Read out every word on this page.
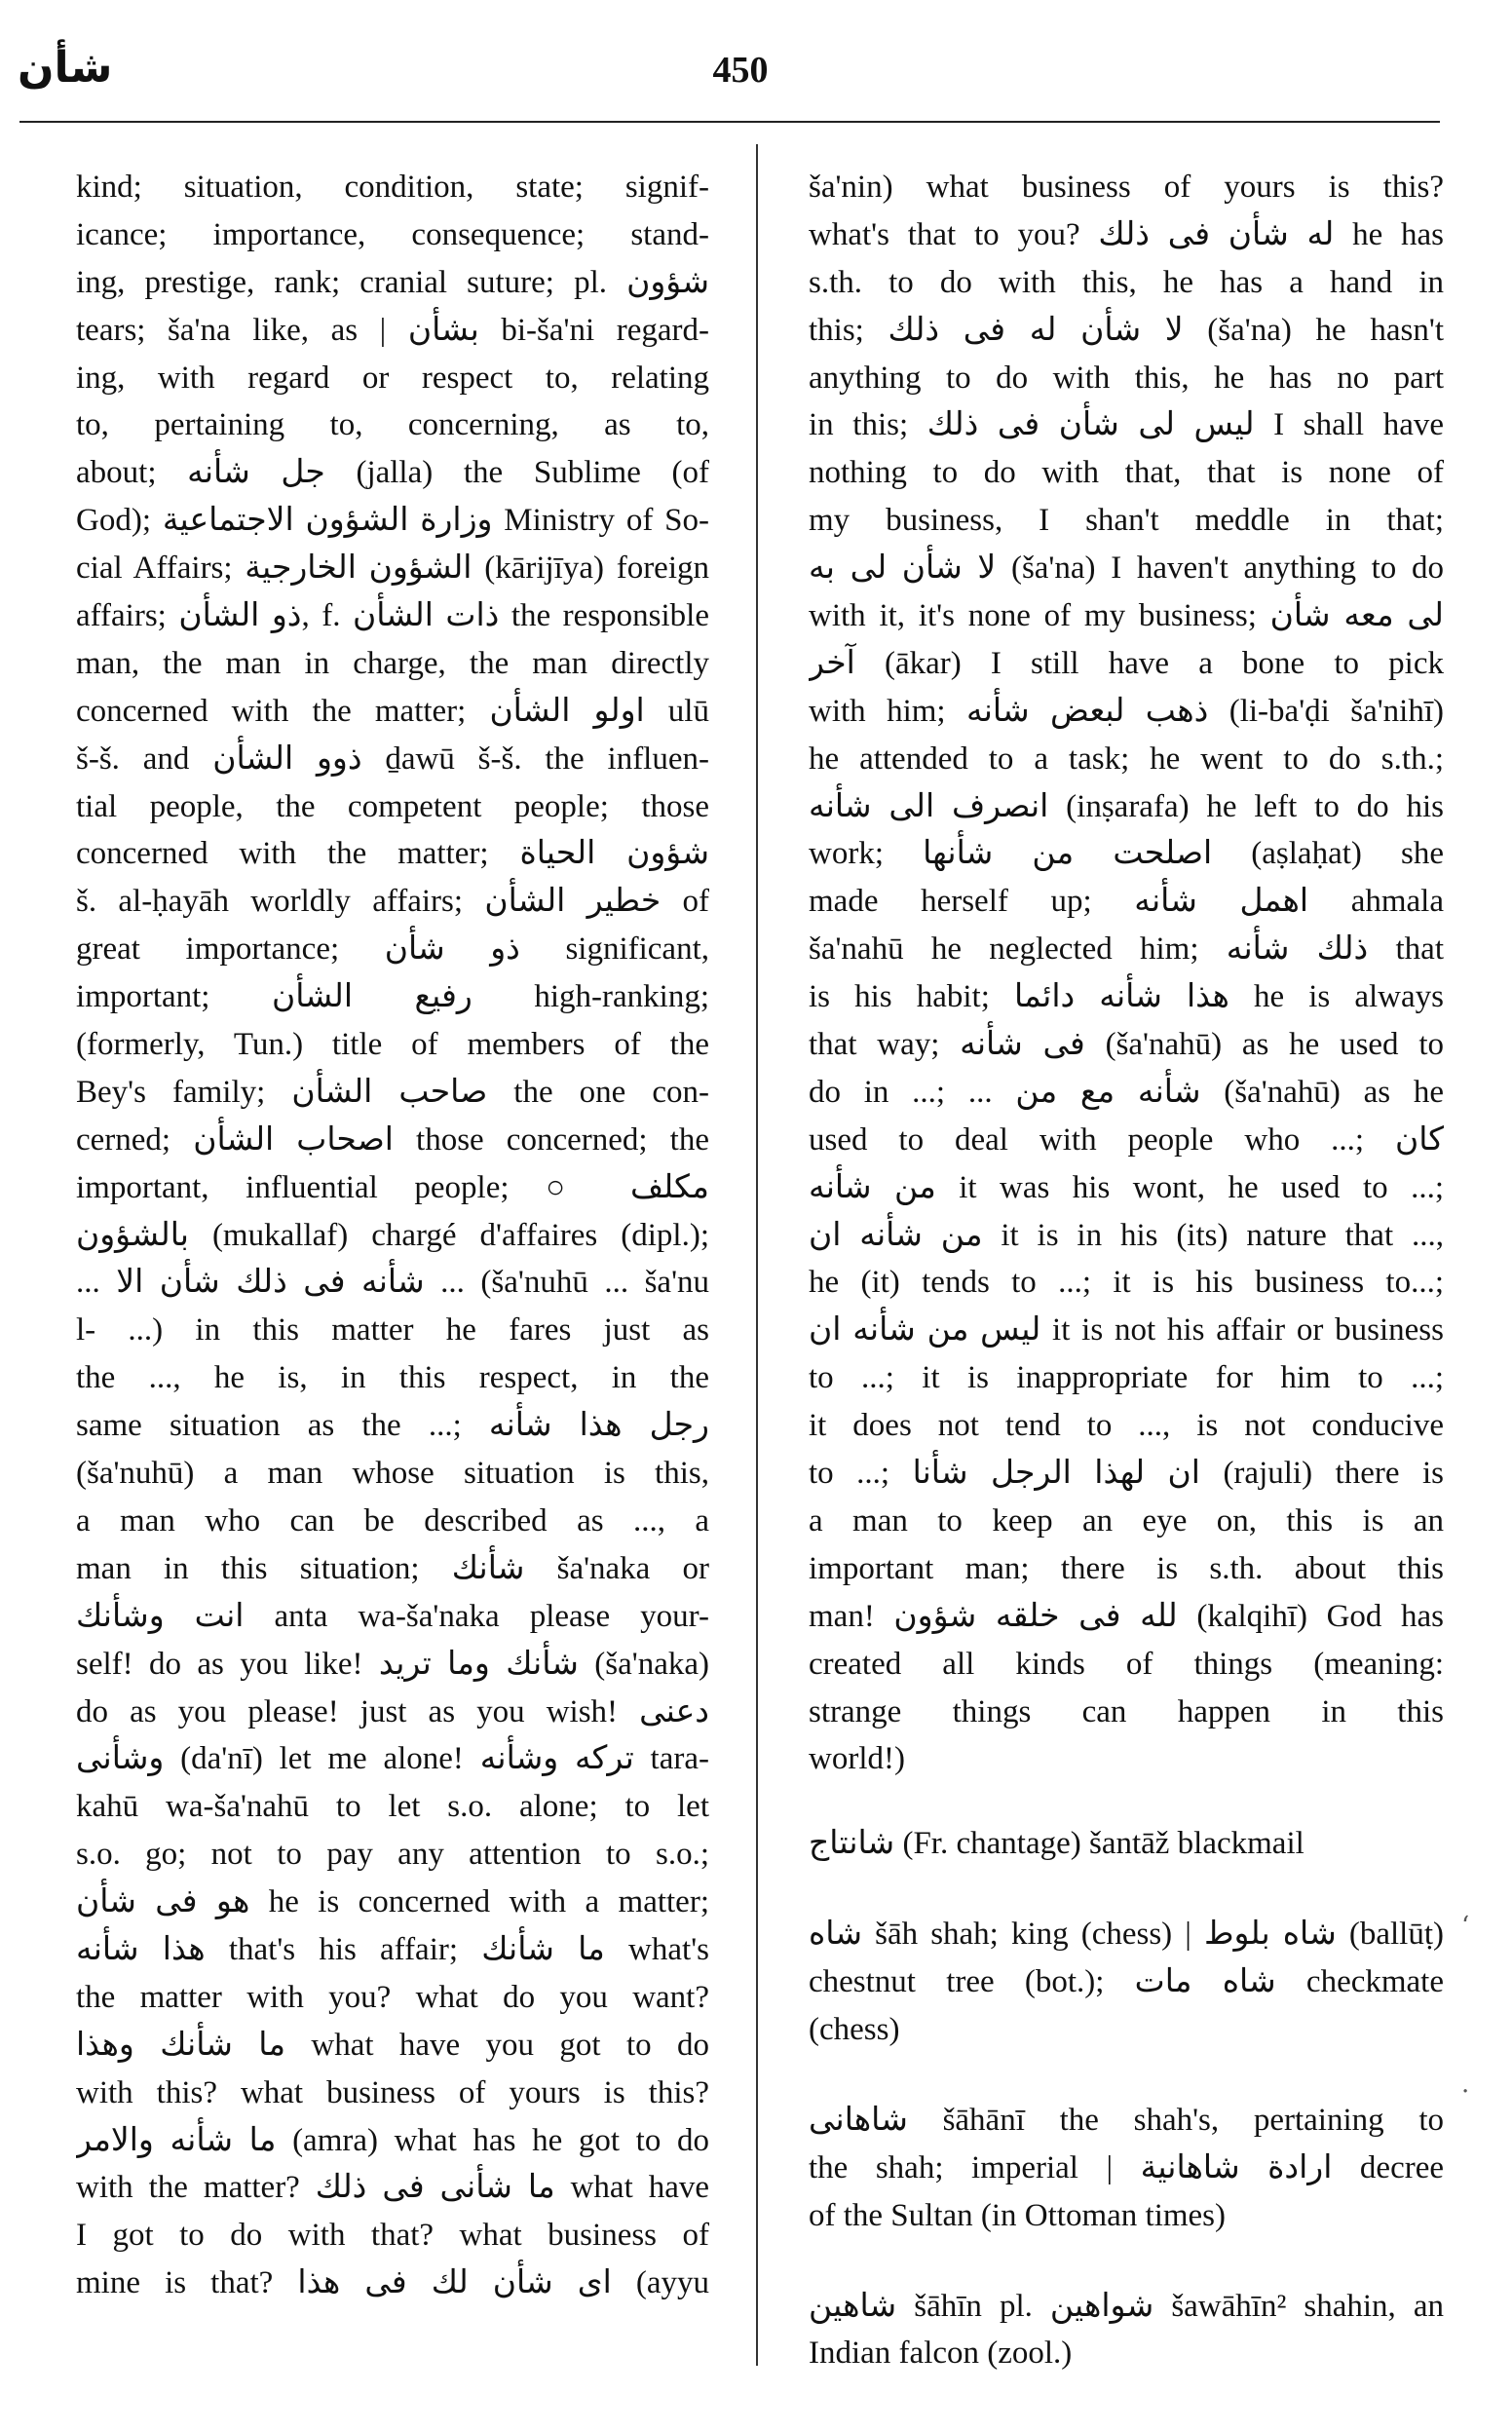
شأن	450
kind; situation, condition, state; signif-
icance; importance, consequence; stand-
ing, prestige, rank; cranial suture; pl. شؤون
tears; ša'na like, as | بشأن bi-ša'ni regard-
ing, with regard or respect to, relating
to, pertaining to, concerning, as to,
about; جل شأنه (jalla) the Sublime (of
God); وزارة الشؤون الاجتماعية Ministry of So-
cial Affairs; الشؤون الخارجية (kārijīya) foreign
affairs; ذو الشأن, f. ذات الشأن the responsible
man, the man in charge, the man directly
concerned with the matter; اولو الشأن ulū
š-š. and ذوو الشأن ḏawū š-š. the influen-
tial people, the competent people; those
concerned with the matter; شؤون الحياة
š. al-ḥayāh worldly affairs; خطير الشأن of
great importance; ذو شأن significant,
important; رفيع الشأن high-ranking;
(formerly, Tun.) title of members of the
Bey's family; صاحب الشأن the one con-
cerned; اصحاب الشأن those concerned; the
important, influential people; ○ مكلف
بالشؤون (mukallaf) chargé d'affaires (dipl.);
... شأنه فى ذلك شأن الا ... (ša'nuhū ... ša'nu
l- ...) in this matter he fares just as
the ..., he is, in this respect, in the
same situation as the ...; رجل هذا شأنه
(ša'nuhū) a man whose situation is this,
a man who can be described as ..., a
man in this situation; شأنك ša'naka or
انت وشأنك anta wa-ša'naka please your-
self! do as you like! شأنك وما تريد (ša'naka)
do as you please! just as you wish! دعنى
وشأنى (da'nī) let me alone! تركه وشأنه tara-
kahū wa-ša'nahū to let s.o. alone; to let
s.o. go; not to pay any attention to s.o.;
هو فى شأن he is concerned with a matter;
هذا شأنه that's his affair; ما شأنك what's
the matter with you? what do you want?
ما شأنك وهذا what have you got to do
with this? what business of yours is this?
ما شأنه والامر (amra) what has he got to do
with the matter? ما شأنى فى ذلك what have
I got to do with that? what business of
mine is that? اى شأن لك فى هذا (ayyu
ša'nin) what business of yours is this?
what's that to you? له شأن فى ذلك he has
s.th. to do with this, he has a hand in
this; لا شأن له فى ذلك (ša'na) he hasn't
anything to do with this, he has no part
in this; ليس لى شأن فى ذلك I shall have
nothing to do with that, that is none of
my business, I shan't meddle in that;
لا شأن لى به (ša'na) I haven't anything to do
with it, it's none of my business; لى معه شأن
آخر (ākar) I still have a bone to pick
with him; ذهب لبعض شأنه (li-ba'ḍi ša'nihī)
he attended to a task; he went to do s.th.;
انصرف الى شأنه (inṣarafa) he left to do his
work; اصلحت من شأنها (aṣlaḥat) she
made herself up; اهمل شأنه ahmala
ša'nahū he neglected him; ذلك شأنه that
is his habit; هذا شأنه دائما he is always
that way; فى شأنه (ša'nahū) as he used to
do in ...; ... شأنه مع من (ša'nahū) as he
used to deal with people who ...; كان
من شأنه it was his wont, he used to ...;
من شأنه ان it is in his (its) nature that ...,
he (it) tends to ...; it is his business to...;
ليس من شأنه ان it is not his affair or business
to ...; it is inappropriate for him to ...;
it does not tend to ..., is not conducive
to ...; ان لهذا الرجل شأنا (rajuli) there is
a man to keep an eye on, this is an
important man; there is s.th. about this
man! لله فى خلقه شؤون (kalqihī) God has
created all kinds of things (meaning:
strange things can happen in this
world!)
شانتاج (Fr. chantage) šantāž blackmail
شاه šāh shah; king (chess) | شاه بلوط (ballūṭ)
chestnut tree (bot.); شاه مات checkmate
(chess)
شاهانى šāhānī the shah's, pertaining to
the shah; imperial | ارادة شاهانية decree
of the Sultan (in Ottoman times)
شاهين šāhīn pl. شواهين šawāhīn² shahin, an
Indian falcon (zool.)
‘
·
